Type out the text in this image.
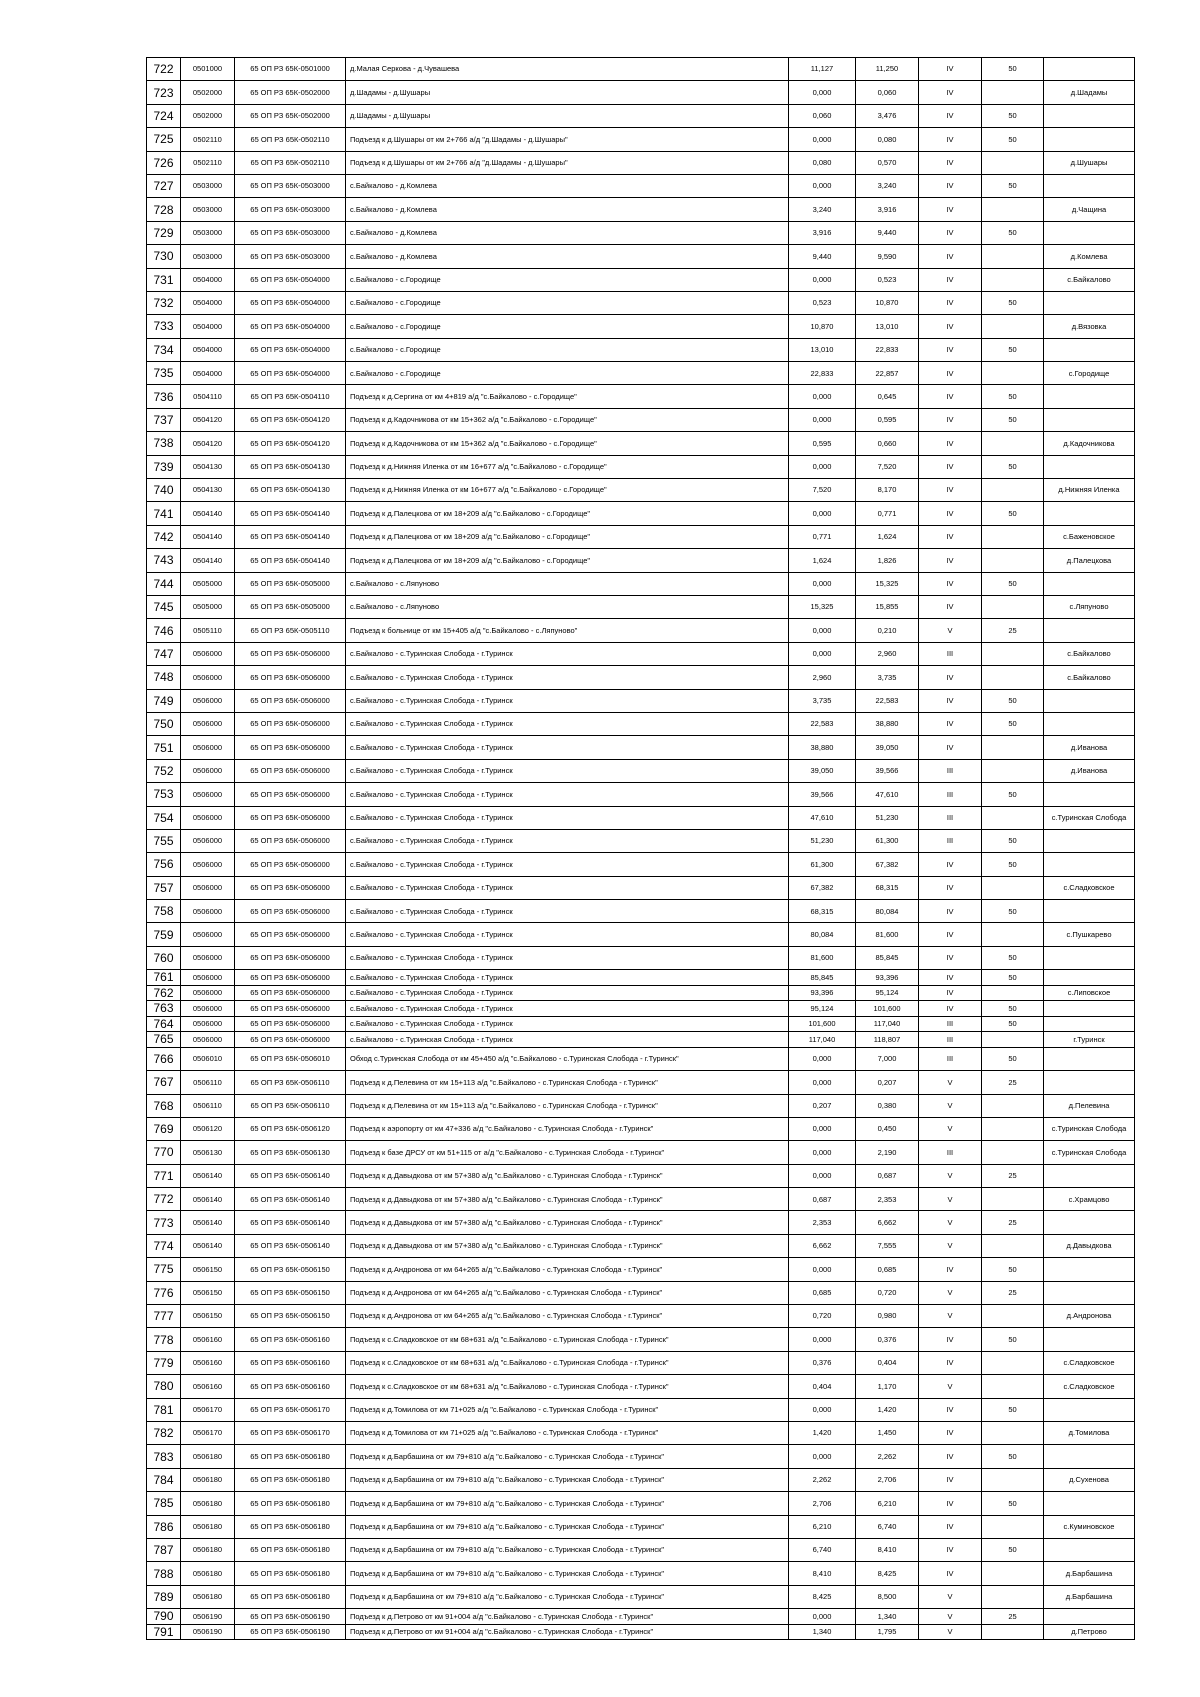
722	0501000	65 ОП РЗ 65К-0501000	д.Малая Серкова - д.Чувашева	11,127	11,250	IV	50	
723	0502000	65 ОП РЗ 65К-0502000	д.Шадамы - д.Шушары	0,000	0,060	IV		д.Шадамы
724	0502000	65 ОП РЗ 65К-0502000	д.Шадамы - д.Шушары	0,060	3,476	IV	50	
725	0502110	65 ОП РЗ 65К-0502110	Подъезд к д.Шушары от км 2+766 а/д "д.Шадамы - д.Шушары"	0,000	0,080	IV	50	
726	0502110	65 ОП РЗ 65К-0502110	Подъезд к д.Шушары от км 2+766 а/д "д.Шадамы - д.Шушары"	0,080	0,570	IV		д.Шушары
727	0503000	65 ОП РЗ 65К-0503000	с.Байкалово - д.Комлева	0,000	3,240	IV	50	
728	0503000	65 ОП РЗ 65К-0503000	с.Байкалово - д.Комлева	3,240	3,916	IV		д.Чащина
729	0503000	65 ОП РЗ 65К-0503000	с.Байкалово - д.Комлева	3,916	9,440	IV	50	
730	0503000	65 ОП РЗ 65К-0503000	с.Байкалово - д.Комлева	9,440	9,590	IV		д.Комлева
731	0504000	65 ОП РЗ 65К-0504000	с.Байкалово - с.Городище	0,000	0,523	IV		с.Байкалово
732	0504000	65 ОП РЗ 65К-0504000	с.Байкалово - с.Городище	0,523	10,870	IV	50	
733	0504000	65 ОП РЗ 65К-0504000	с.Байкалово - с.Городище	10,870	13,010	IV		д.Вязовка
734	0504000	65 ОП РЗ 65К-0504000	с.Байкалово - с.Городище	13,010	22,833	IV	50	
735	0504000	65 ОП РЗ 65К-0504000	с.Байкалово - с.Городище	22,833	22,857	IV		с.Городище
736	0504110	65 ОП РЗ 65К-0504110	Подъезд к д.Сергина от км 4+819 а/д "с.Байкалово - с.Городище"	0,000	0,645	IV	50	
737	0504120	65 ОП РЗ 65К-0504120	Подъезд к д.Кадочникова от км 15+362 а/д "с.Байкалово - с.Городище"	0,000	0,595	IV	50	
738	0504120	65 ОП РЗ 65К-0504120	Подъезд к д.Кадочникова от км 15+362 а/д "с.Байкалово - с.Городище"	0,595	0,660	IV		д.Кадочникова
739	0504130	65 ОП РЗ 65К-0504130	Подъезд к д.Нижняя Иленка от км 16+677 а/д "с.Байкалово - с.Городище"	0,000	7,520	IV	50	
740	0504130	65 ОП РЗ 65К-0504130	Подъезд к д.Нижняя Иленка от км 16+677 а/д "с.Байкалово - с.Городище"	7,520	8,170	IV		д.Нижняя Иленка
741	0504140	65 ОП РЗ 65К-0504140	Подъезд к д.Палецкова от км 18+209 а/д "с.Байкалово - с.Городище"	0,000	0,771	IV	50	
742	0504140	65 ОП РЗ 65К-0504140	Подъезд к д.Палецкова от км 18+209 а/д "с.Байкалово - с.Городище"	0,771	1,624	IV		с.Баженовское
743	0504140	65 ОП РЗ 65К-0504140	Подъезд к д.Палецкова от км 18+209 а/д "с.Байкалово - с.Городище"	1,624	1,826	IV		д.Палецкова
744	0505000	65 ОП РЗ 65К-0505000	с.Байкалово - с.Ляпуново	0,000	15,325	IV	50	
745	0505000	65 ОП РЗ 65К-0505000	с.Байкалово - с.Ляпуново	15,325	15,855	IV		с.Ляпуново
746	0505110	65 ОП РЗ 65К-0505110	Подъезд к больнице от км 15+405 а/д "с.Байкалово - с.Ляпуново"	0,000	0,210	V	25	
747	0506000	65 ОП РЗ 65К-0506000	с.Байкалово - с.Туринская Слобода - г.Туринск	0,000	2,960	III		с.Байкалово
748	0506000	65 ОП РЗ 65К-0506000	с.Байкалово - с.Туринская Слобода - г.Туринск	2,960	3,735	IV		с.Байкалово
749	0506000	65 ОП РЗ 65К-0506000	с.Байкалово - с.Туринская Слобода - г.Туринск	3,735	22,583	IV	50	
750	0506000	65 ОП РЗ 65К-0506000	с.Байкалово - с.Туринская Слобода - г.Туринск	22,583	38,880	IV	50	
751	0506000	65 ОП РЗ 65К-0506000	с.Байкалово - с.Туринская Слобода - г.Туринск	38,880	39,050	IV		д.Иванова
752	0506000	65 ОП РЗ 65К-0506000	с.Байкалово - с.Туринская Слобода - г.Туринск	39,050	39,566	III		д.Иванова
753	0506000	65 ОП РЗ 65К-0506000	с.Байкалово - с.Туринская Слобода - г.Туринск	39,566	47,610	III	50	
754	0506000	65 ОП РЗ 65К-0506000	с.Байкалово - с.Туринская Слобода - г.Туринск	47,610	51,230	III		с.Туринская Слобода
755	0506000	65 ОП РЗ 65К-0506000	с.Байкалово - с.Туринская Слобода - г.Туринск	51,230	61,300	III	50	
756	0506000	65 ОП РЗ 65К-0506000	с.Байкалово - с.Туринская Слобода - г.Туринск	61,300	67,382	IV	50	
757	0506000	65 ОП РЗ 65К-0506000	с.Байкалово - с.Туринская Слобода - г.Туринск	67,382	68,315	IV		с.Сладковское
758	0506000	65 ОП РЗ 65К-0506000	с.Байкалово - с.Туринская Слобода - г.Туринск	68,315	80,084	IV	50	
759	0506000	65 ОП РЗ 65К-0506000	с.Байкалово - с.Туринская Слобода - г.Туринск	80,084	81,600	IV		с.Пушкарево
760	0506000	65 ОП РЗ 65К-0506000	с.Байкалово - с.Туринская Слобода - г.Туринск	81,600	85,845	IV	50	
761	0506000	65 ОП РЗ 65К-0506000	с.Байкалово - с.Туринская Слобода - г.Туринск	85,845	93,396	IV	50	
762	0506000	65 ОП РЗ 65К-0506000	с.Байкалово - с.Туринская Слобода - г.Туринск	93,396	95,124	IV		с.Липовское
763	0506000	65 ОП РЗ 65К-0506000	с.Байкалово - с.Туринская Слобода - г.Туринск	95,124	101,600	IV	50	
764	0506000	65 ОП РЗ 65К-0506000	с.Байкалово - с.Туринская Слобода - г.Туринск	101,600	117,040	III	50	
765	0506000	65 ОП РЗ 65К-0506000	с.Байкалово - с.Туринская Слобода - г.Туринск	117,040	118,807	III		г.Туринск
766	0506010	65 ОП РЗ 65К-0506010	Обход с.Туринская Слобода от км 45+450 а/д "с.Байкалово - с.Туринская Слобода - г.Туринск"	0,000	7,000	III	50	
767	0506110	65 ОП РЗ 65К-0506110	Подъезд к д.Пелевина от км 15+113 а/д "с.Байкалово - с.Туринская Слобода - г.Туринск"	0,000	0,207	V	25	
768	0506110	65 ОП РЗ 65К-0506110	Подъезд к д.Пелевина от км 15+113 а/д "с.Байкалово - с.Туринская Слобода - г.Туринск"	0,207	0,380	V		д.Пелевина
769	0506120	65 ОП РЗ 65К-0506120	Подъезд к аэропорту от км 47+336 а/д "с.Байкалово - с.Туринская Слобода - г.Туринск"	0,000	0,450	V		с.Туринская Слобода
770	0506130	65 ОП РЗ 65К-0506130	Подъезд к базе ДРСУ от км 51+115 от а/д "с.Байкалово - с.Туринская Слобода - г.Туринск"	0,000	2,190	III		с.Туринская Слобода
771	0506140	65 ОП РЗ 65К-0506140	Подъезд к д.Давыдкова от км 57+380 а/д "с.Байкалово - с.Туринская Слобода - г.Туринск"	0,000	0,687	V	25	
772	0506140	65 ОП РЗ 65К-0506140	Подъезд к д.Давыдкова от км 57+380 а/д "с.Байкалово - с.Туринская Слобода - г.Туринск"	0,687	2,353	V		с.Храмцово
773	0506140	65 ОП РЗ 65К-0506140	Подъезд к д.Давыдкова от км 57+380 а/д "с.Байкалово - с.Туринская Слобода - г.Туринск"	2,353	6,662	V	25	
774	0506140	65 ОП РЗ 65К-0506140	Подъезд к д.Давыдкова от км 57+380 а/д "с.Байкалово - с.Туринская Слобода - г.Туринск"	6,662	7,555	V		д.Давыдкова
775	0506150	65 ОП РЗ 65К-0506150	Подъезд к д.Андронова от км 64+265 а/д "с.Байкалово - с.Туринская Слобода - г.Туринск"	0,000	0,685	IV	50	
776	0506150	65 ОП РЗ 65К-0506150	Подъезд к д.Андронова от км 64+265 а/д "с.Байкалово - с.Туринская Слобода - г.Туринск"	0,685	0,720	V	25	
777	0506150	65 ОП РЗ 65К-0506150	Подъезд к д.Андронова от км 64+265 а/д "с.Байкалово - с.Туринская Слобода - г.Туринск"	0,720	0,980	V		д.Андронова
778	0506160	65 ОП РЗ 65К-0506160	Подъезд к с.Сладковское от км 68+631 а/д "с.Байкалово - с.Туринская Слобода - г.Туринск"	0,000	0,376	IV	50	
779	0506160	65 ОП РЗ 65К-0506160	Подъезд к с.Сладковское от км 68+631 а/д "с.Байкалово - с.Туринская Слобода - г.Туринск"	0,376	0,404	IV		с.Сладковское
780	0506160	65 ОП РЗ 65К-0506160	Подъезд к с.Сладковское от км 68+631 а/д "с.Байкалово - с.Туринская Слобода - г.Туринск"	0,404	1,170	V		с.Сладковское
781	0506170	65 ОП РЗ 65К-0506170	Подъезд к д.Томилова от км 71+025 а/д "с.Байкалово - с.Туринская Слобода - г.Туринск"	0,000	1,420	IV	50	
782	0506170	65 ОП РЗ 65К-0506170	Подъезд к д.Томилова от км 71+025 а/д "с.Байкалово - с.Туринская Слобода - г.Туринск"	1,420	1,450	IV		д.Томилова
783	0506180	65 ОП РЗ 65К-0506180	Подъезд к д.Барбашина от км 79+810 а/д "с.Байкалово - с.Туринская Слобода - г.Туринск"	0,000	2,262	IV	50	
784	0506180	65 ОП РЗ 65К-0506180	Подъезд к д.Барбашина от км 79+810 а/д "с.Байкалово - с.Туринская Слобода - г.Туринск"	2,262	2,706	IV		д.Сухенова
785	0506180	65 ОП РЗ 65К-0506180	Подъезд к д.Барбашина от км 79+810 а/д "с.Байкалово - с.Туринская Слобода - г.Туринск"	2,706	6,210	IV	50	
786	0506180	65 ОП РЗ 65К-0506180	Подъезд к д.Барбашина от км 79+810 а/д "с.Байкалово - с.Туринская Слобода - г.Туринск"	6,210	6,740	IV		с.Куминовское
787	0506180	65 ОП РЗ 65К-0506180	Подъезд к д.Барбашина от км 79+810 а/д "с.Байкалово - с.Туринская Слобода - г.Туринск"	6,740	8,410	IV	50	
788	0506180	65 ОП РЗ 65К-0506180	Подъезд к д.Барбашина от км 79+810 а/д "с.Байкалово - с.Туринская Слобода - г.Туринск"	8,410	8,425	IV		д.Барбашина
789	0506180	65 ОП РЗ 65К-0506180	Подъезд к д.Барбашина от км 79+810 а/д "с.Байкалово - с.Туринская Слобода - г.Туринск"	8,425	8,500	V		д.Барбашина
790	0506190	65 ОП РЗ 65К-0506190	Подъезд к д.Петрово от км 91+004 а/д "с.Байкалово - с.Туринская Слобода - г.Туринск"	0,000	1,340	V	25	
791	0506190	65 ОП РЗ 65К-0506190	Подъезд к д.Петрово от км 91+004 а/д "с.Байкалово - с.Туринская Слобода - г.Туринск"	1,340	1,795	V		д.Петрово
